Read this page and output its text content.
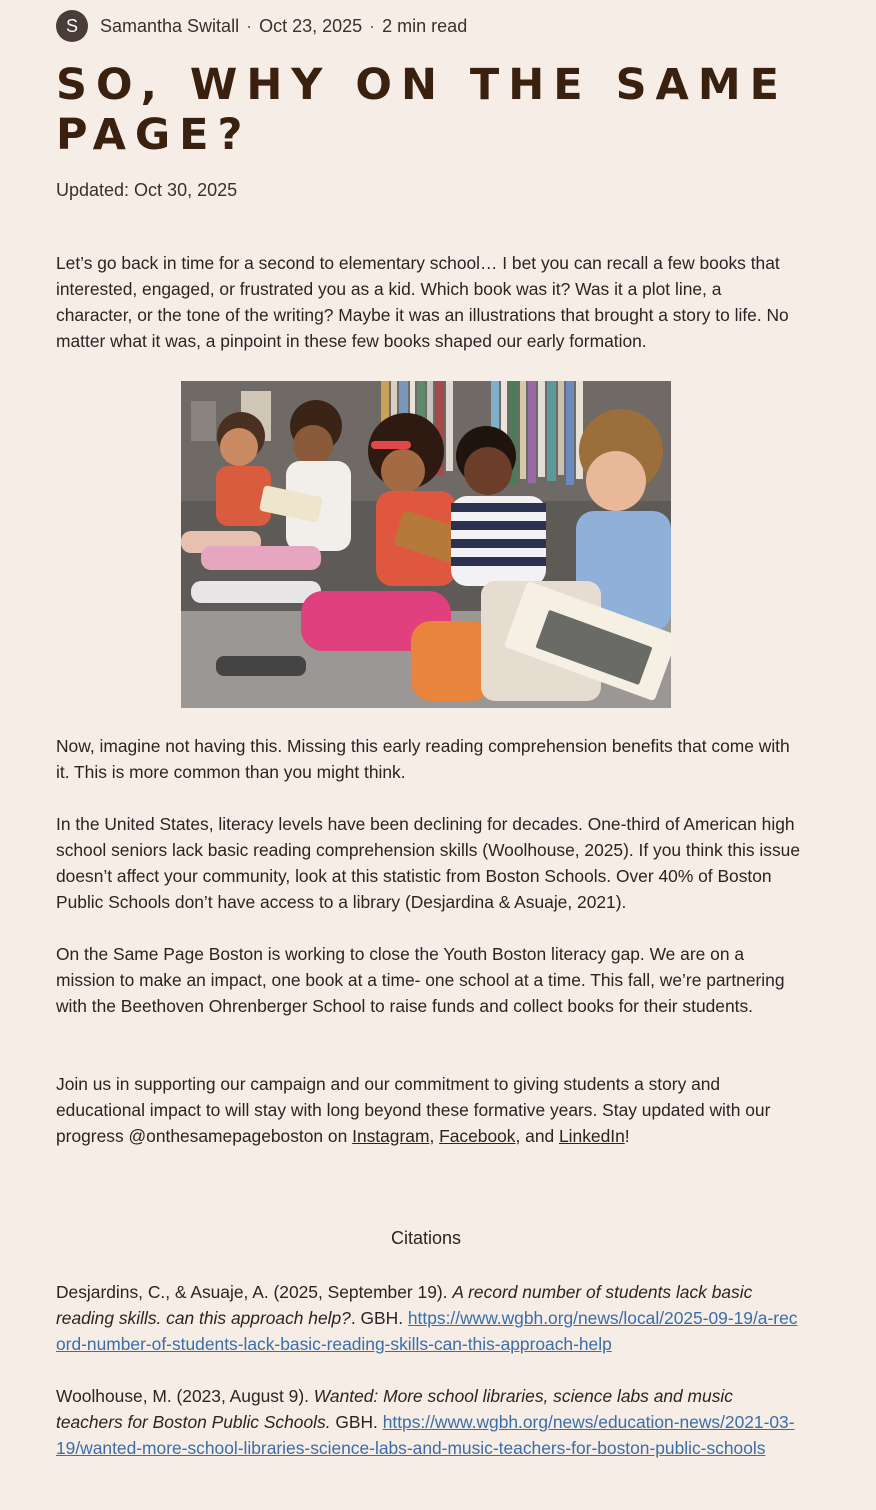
S	Samantha Switall · Oct 23, 2025 · 2 min read
SO, WHY ON THE SAME PAGE?
Updated: Oct 30, 2025

Let’s go back in time for a second to elementary school… I bet you can recall a few books that interested, engaged, or frustrated you as a kid. Which book was it? Was it a plot line, a character, or the tone of the writing? Maybe it was an illustrations that brought a story to life. No matter what it was, a pinpoint in these few books shaped our early formation.

Now, imagine not having this. Missing this early reading comprehension benefits that come with it. This is more common than you might think.

In the United States, literacy levels have been declining for decades. One-third of American high school seniors lack basic reading comprehension skills (Woolhouse, 2025). If you think this issue doesn’t affect your community, look at this statistic from Boston Schools. Over 40% of Boston Public Schools don’t have access to a library (Desjardina & Asuaje, 2021).

On the Same Page Boston is working to close the Youth Boston literacy gap. We are on a mission to make an impact, one book at a time- one school at a time. This fall, we’re partnering with the Beethoven Ohrenberger School to raise funds and collect books for their students.

Join us in supporting our campaign and our commitment to giving students a story and educational impact to will stay with long beyond these formative years. Stay updated with our progress @onthesamepageboston on Instagram, Facebook, and LinkedIn!

Citations

Desjardins, C., & Asuaje, A. (2025, September 19). A record number of students lack basic reading skills. can this approach help?. GBH. https://www.wgbh.org/news/local/2025-09-19/a-record-number-of-students-lack-basic-reading-skills-can-this-approach-help

Woolhouse, M. (2023, August 9). Wanted: More school libraries, science labs and music teachers for Boston Public Schools. GBH. https://www.wgbh.org/news/education-news/2021-03-19/wanted-more-school-libraries-science-labs-and-music-teachers-for-boston-public-schools
